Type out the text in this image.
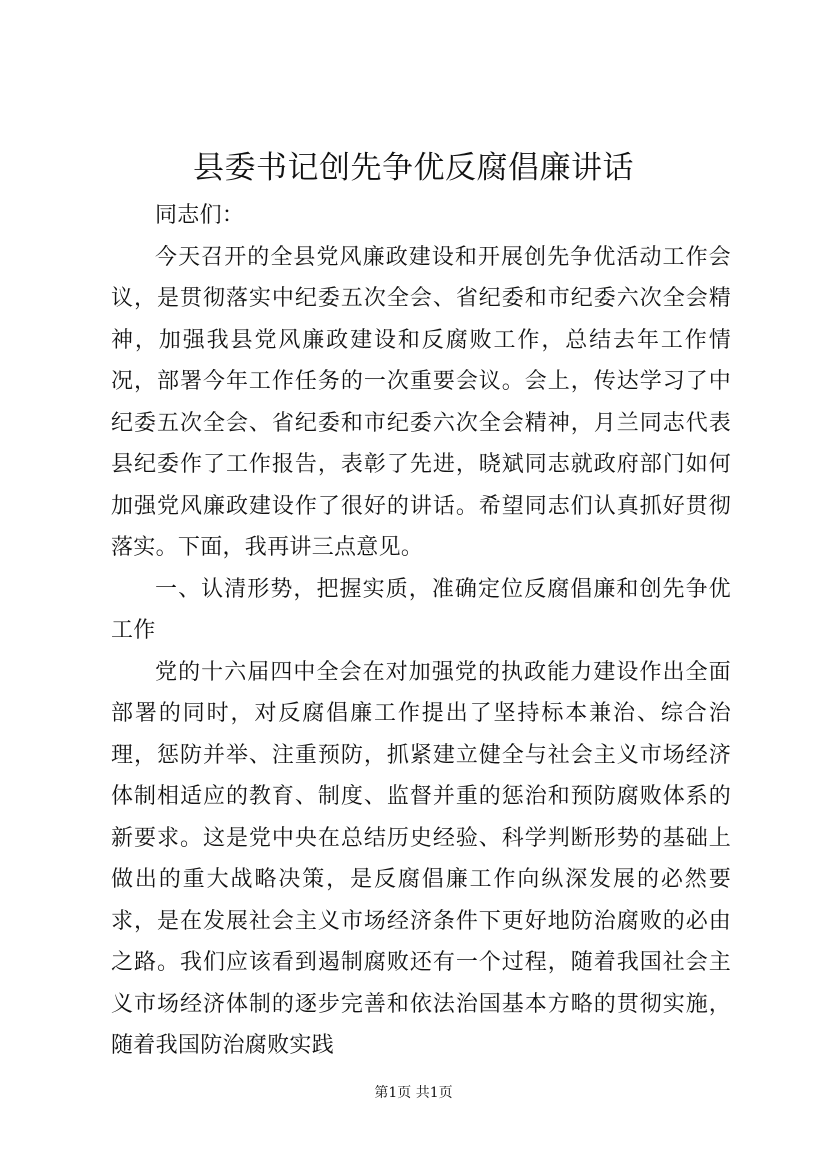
县委书记创先争优反腐倡廉讲话

同志们：

今天召开的全县党风廉政建设和开展创先争优活动工作会议，是贯彻落实中纪委五次全会、省纪委和市纪委六次全会精神，加强我县党风廉政建设和反腐败工作，总结去年工作情况，部署今年工作任务的一次重要会议。会上，传达学习了中纪委五次全会、省纪委和市纪委六次全会精神，月兰同志代表县纪委作了工作报告，表彰了先进，晓斌同志就政府部门如何加强党风廉政建设作了很好的讲话。希望同志们认真抓好贯彻落实。下面，我再讲三点意见。

一、认清形势，把握实质，准确定位反腐倡廉和创先争优工作

党的十六届四中全会在对加强党的执政能力建设作出全面部署的同时，对反腐倡廉工作提出了坚持标本兼治、综合治理，惩防并举、注重预防，抓紧建立健全与社会主义市场经济体制相适应的教育、制度、监督并重的惩治和预防腐败体系的新要求。这是党中央在总结历史经验、科学判断形势的基础上做出的重大战略决策，是反腐倡廉工作向纵深发展的必然要求，是在发展社会主义市场经济条件下更好地防治腐败的必由之路。我们应该看到遏制腐败还有一个过程，随着我国社会主义市场经济体制的逐步完善和依法治国基本方略的贯彻实施，随着我国防治腐败实践

第1页 共1页
